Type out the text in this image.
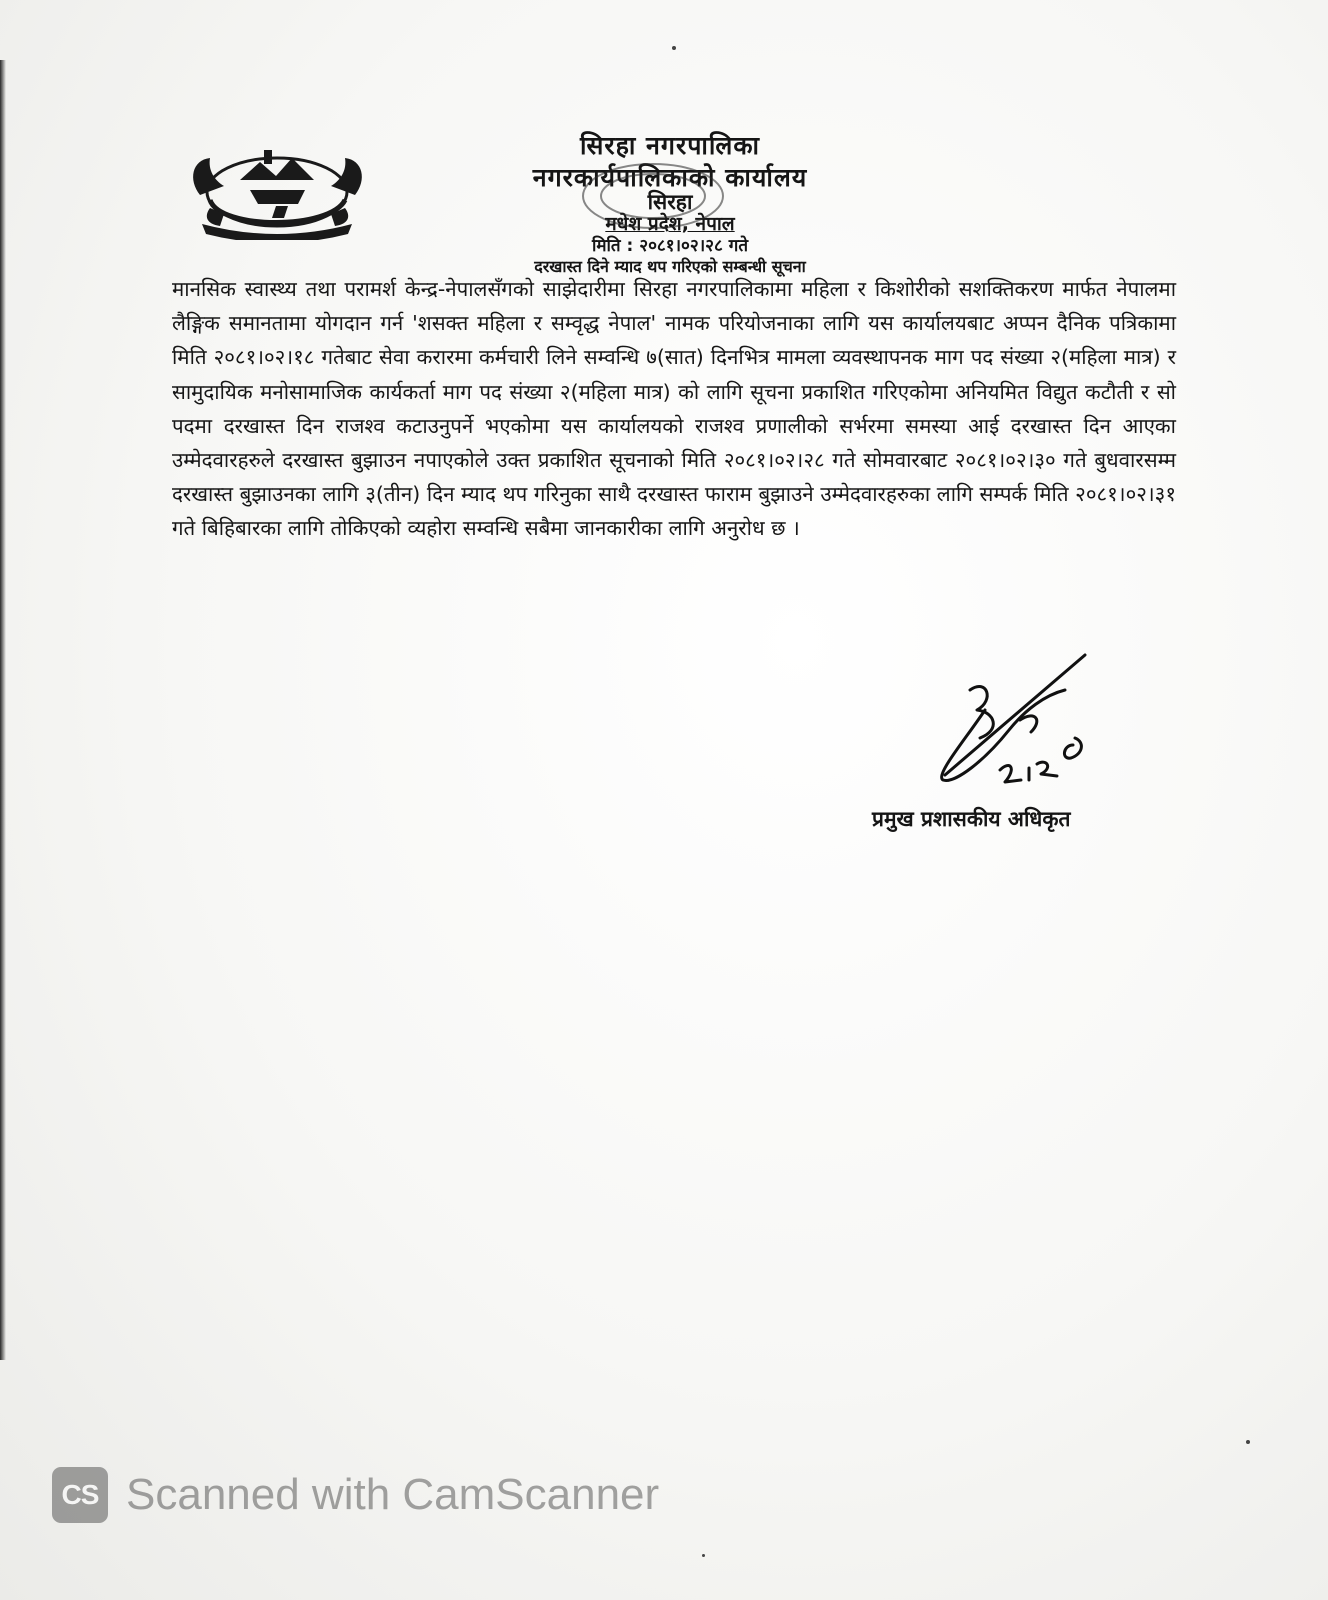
सिरहा नगरपालिका
नगरकार्यपालिकाको कार्यालय
सिरहा
मधेश प्रदेश, नेपाल
मिति : २०८१।०२।२८ गते
दरखास्त दिने म्याद थप गरिएको सम्बन्धी सूचना

मानसिक स्वास्थ्य तथा परामर्श केन्द्र-नेपालसँगको साझेदारीमा सिरहा नगरपालिकामा महिला र किशोरीको सशक्तिकरण मार्फत नेपालमा लैङ्गिक समानतामा योगदान गर्न 'शसक्त महिला र सम्वृद्ध नेपाल' नामक परियोजनाका लागि यस कार्यालयबाट अप्पन दैनिक पत्रिकामा मिति २०८१।०२।१८ गतेबाट सेवा करारमा कर्मचारी लिने सम्वन्धि ७(सात) दिनभित्र मामला व्यवस्थापनक माग पद संख्या २(महिला मात्र) र सामुदायिक मनोसामाजिक कार्यकर्ता माग पद संख्या २(महिला मात्र) को लागि सूचना प्रकाशित गरिएकोमा अनियमित विद्युत कटौती र सो पदमा दरखास्त दिन राजश्व कटाउनुपर्ने भएकोमा यस कार्यालयको राजश्व प्रणालीको सर्भरमा समस्या आई दरखास्त दिन आएका उम्मेदवारहरुले दरखास्त बुझाउन नपाएकोले उक्त प्रकाशित सूचनाको मिति २०८१।०२।२८ गते सोमवारबाट २०८१।०२।३० गते बुधवारसम्म दरखास्त बुझाउनका लागि ३(तीन) दिन म्याद थप गरिनुका साथै दरखास्त फाराम बुझाउने उम्मेदवारहरुका लागि सम्पर्क मिति २०८१।०२।३१ गते बिहिबारका लागि तोकिएको व्यहोरा सम्वन्धि सबैमा जानकारीका लागि अनुरोध छ ।

प्रमुख प्रशासकीय अधिकृत
CS Scanned with CamScanner
